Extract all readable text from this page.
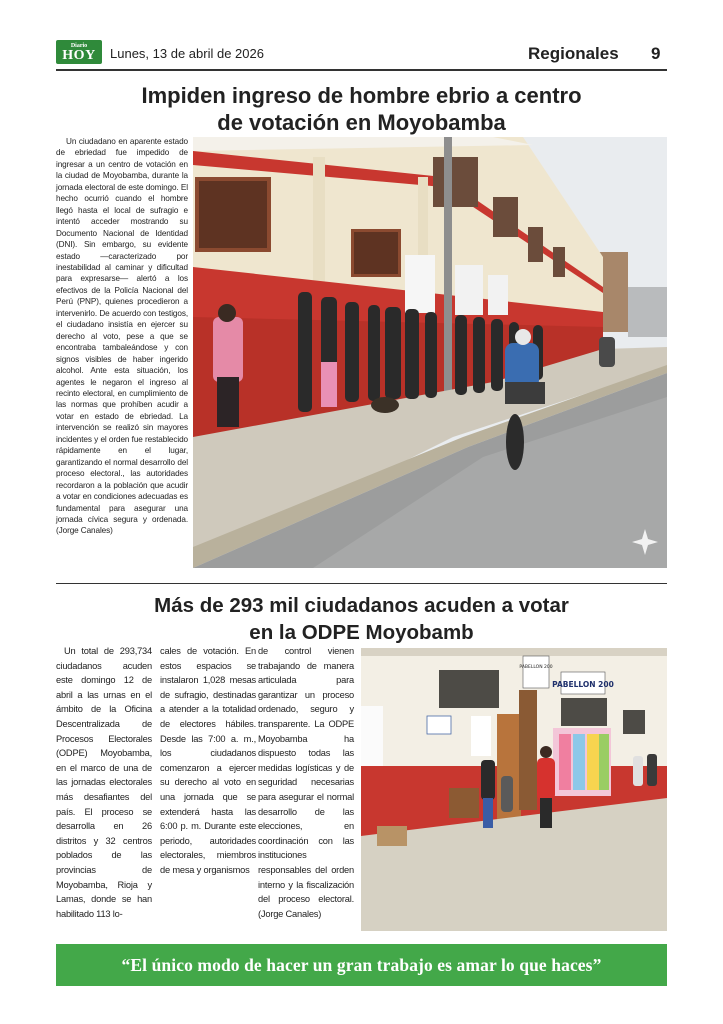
Diario
HOY Lunes, 13 de abril de 2026	Regionales 9
Impiden ingreso de hombre ebrio a centro
de votación en Moyobamba

Un ciudadano en aparente estado de ebriedad fue impedido de ingresar a un centro de votación en la ciudad de Moyobamba, durante la jornada electoral de este domingo. El hecho ocurrió cuando el hombre llegó hasta el local de sufragio e intentó acceder mostrando su Documento Nacional de Identidad (DNI). Sin embargo, su evidente estado —caracterizado por inestabilidad al caminar y dificultad para expresarse— alertó a los efectivos de la Policía Nacional del Perú (PNP), quienes procedieron a intervenirlo. De acuerdo con testigos, el ciudadano insistía en ejercer su derecho al voto, pese a que se encontraba tambaleándose y con signos visibles de haber ingerido alcohol. Ante esta situación, los agentes le negaron el ingreso al recinto electoral, en cumplimiento de las normas que prohíben acudir a votar en estado de ebriedad. La intervención se realizó sin mayores incidentes y el orden fue restablecido rápidamente en el lugar, garantizando el normal desarrollo del proceso electoral., las autoridades recordaron a la población que acudir a votar en condiciones adecuadas es fundamental para asegurar una jornada cívica segura y ordenada. (Jorge Canales)

Más de 293 mil ciudadanos acuden a votar
en la ODPE Moyobamb

Un total de 293,734 ciudadanos acuden este domingo 12 de abril a las urnas en el ámbito de la Oficina Descentralizada de Procesos Electorales (ODPE) Moyobamba, en el marco de una de las jornadas electorales más desafiantes del país. El proceso se desarrolla en 26 distritos y 32 centros poblados de las provincias de Moyobamba, Rioja y Lamas, donde se han habilitado 113 lo-

cales de votación. En estos espacios se instalaron 1,028 mesas de sufragio, destinadas a atender a la totalidad de electores hábiles. Desde las 7:00 a. m., los ciudadanos comenzaron a ejercer su derecho al voto en una jornada que se extenderá hasta las 6:00 p. m. Durante este periodo, autoridades electorales, miembros de mesa y organismos

de control vienen trabajando de manera articulada para garantizar un proceso ordenado, seguro y transparente. La ODPE Moyobamba ha dispuesto todas las medidas logísticas y de seguridad necesarias para asegurar el normal desarrollo de las elecciones, en coordinación con las instituciones responsables del orden interno y la fiscalización del proceso electoral. (Jorge Canales)

PABELLON 200
PABELLON 200
“El único modo de hacer un gran trabajo es amar lo que haces”
